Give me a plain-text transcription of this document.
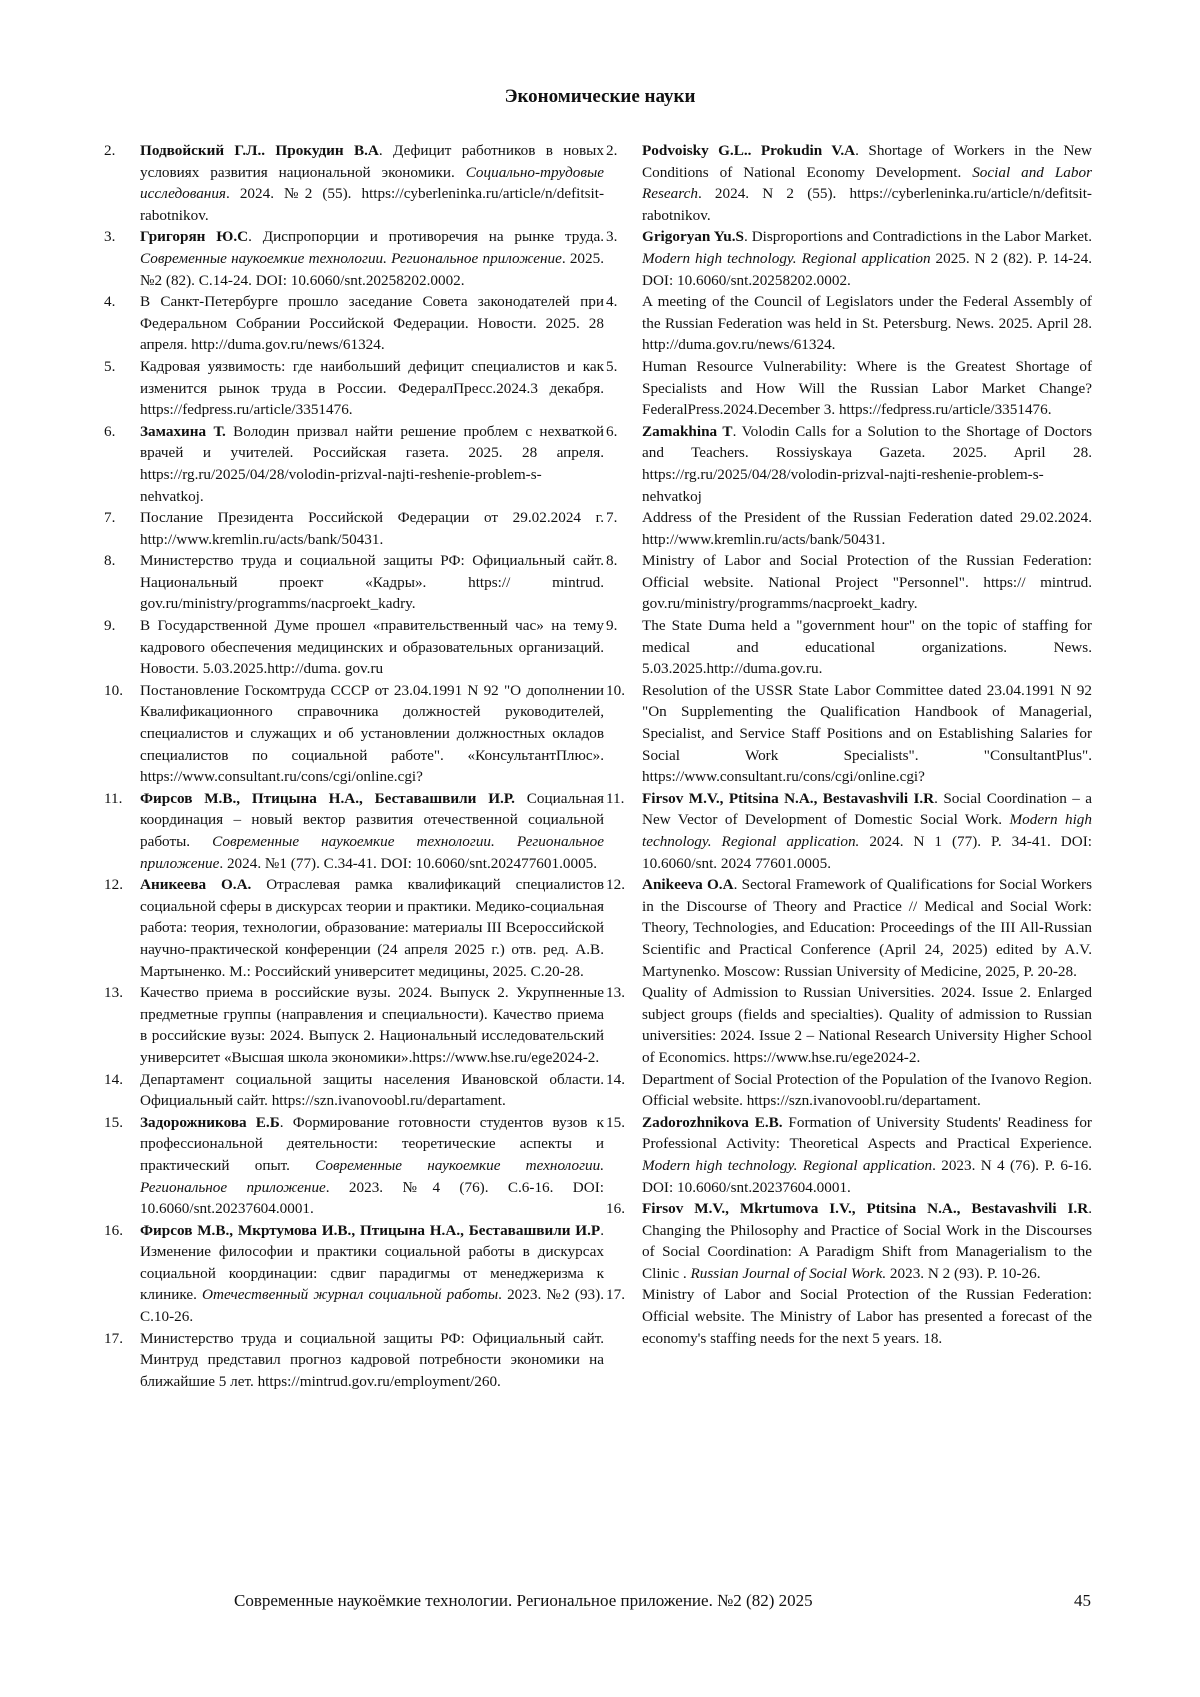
Экономические науки
2.	Подвойский Г.Л.. Прокудин В.А. Дефицит работников в новых условиях развития национальной экономики. Социально-трудовые исследования. 2024. №2 (55). https://cyberleninka.ru/article/n/defitsit-rabotnikov.
3.	Григорян Ю.С. Диспропорции и противоречия на рынке труда. Современные наукоемкие технологии. Региональное приложение. 2025. №2 (82). С.14-24. DOI: 10.6060/snt.20258202.0002.
4.	В Санкт-Петербурге прошло заседание Совета законодателей при Федеральном Собрании Российской Федерации. Новости. 2025. 28 апреля. http://duma.gov.ru/news/61324.
5.	Кадровая уязвимость: где наибольший дефицит специалистов и как изменится рынок труда в России. ФедералПресс.2024.3 декабря. https://fedpress.ru/article/3351476.
6.	Замахина Т. Володин призвал найти решение проблем с нехваткой врачей и учителей. Российская газета. 2025. 28 апреля. https://rg.ru/2025/04/28/volodin-prizval-najti-reshenie-problem-s-nehvatkoj.
7.	Послание Президента Российской Федерации от 29.02.2024 г. http://www.kremlin.ru/acts/bank/50431.
8.	Министерство труда и социальной защиты РФ: Официальный сайт. Национальный проект «Кадры». https:// mintrud. gov.ru/ministry/programms/nacproekt_kadry.
9.	В Государственной Думе прошел «правительственный час» на тему кадрового обеспечения медицинских и образовательных организаций. Новости. 5.03.2025.http://duma. gov.ru
10.	Постановление Госкомтруда СССР от 23.04.1991 N 92 "О дополнении Квалификационного справочника должностей руководителей, специалистов и служащих и об установлении должностных окладов специалистов по социальной работе". «КонсультантПлюс». https://www.consultant.ru/cons/cgi/online.cgi?
11.	Фирсов М.В., Птицына Н.А., Беставашвили И.Р. Социальная координация – новый вектор развития отечественной социальной работы. Современные наукоемкие технологии. Региональное приложение. 2024. №1 (77). С.34-41. DOI: 10.6060/snt.202477601.0005.
12.	Аникеева О.А. Отраслевая рамка квалификаций специалистов социальной сферы в дискурсах теории и практики. Медико-социальная работа: теория, технологии, образование: материалы III Всероссийской научно-практической конференции (24 апреля 2025 г.) отв. ред. А.В. Мартыненко. М.: Российский университет медицины, 2025. С.20-28.
13.	Качество приема в российские вузы. 2024. Выпуск 2. Укрупненные предметные группы (направления и специальности). Качество приема в российские вузы: 2024. Выпуск 2. Национальный исследовательский университет «Высшая школа экономики».https://www.hse.ru/ege2024-2.
14.	Департамент социальной защиты населения Ивановской области. Официальный сайт. https://szn.ivanovoobl.ru/departament.
15.	Задорожникова Е.Б. Формирование готовности студентов вузов к профессиональной деятельности: теоретические аспекты и практический опыт. Современные наукоемкие технологии. Региональное приложение. 2023. №4 (76). С.6-16. DOI: 10.6060/snt.20237604.0001.
16.	Фирсов М.В., Мкртумова И.В., Птицына Н.А., Беставашвили И.Р. Изменение философии и практики социальной работы в дискурсах социальной координации: сдвиг парадигмы от менеджеризма к клинике. Отечественный журнал социальной работы. 2023. №2 (93). С.10-26.
17.	Министерство труда и социальной защиты РФ: Официальный сайт. Минтруд представил прогноз кадровой потребности экономики на ближайшие 5 лет. https://mintrud.gov.ru/employment/260.
2.	Podvoisky G.L.. Prokudin V.A. Shortage of Workers in the New Conditions of National Economy Development. Social and Labor Research. 2024. N 2 (55). https://cyberleninka.ru/article/n/defitsit-rabotnikov.
3.	Grigoryan Yu.S. Disproportions and Contradictions in the Labor Market. Modern high technology. Regional application 2025. N 2 (82). P. 14-24. DOI: 10.6060/snt.20258202.0002.
4.	A meeting of the Council of Legislators under the Federal Assembly of the Russian Federation was held in St. Petersburg. News. 2025. April 28. http://duma.gov.ru/news/61324.
5.	Human Resource Vulnerability: Where is the Greatest Shortage of Specialists and How Will the Russian Labor Market Change? FederalPress.2024.December 3. https://fedpress.ru/article/3351476.
6.	Zamakhina T. Volodin Calls for a Solution to the Shortage of Doctors and Teachers. Rossiyskaya Gazeta. 2025. April 28. https://rg.ru/2025/04/28/volodin-prizval-najti-reshenie-problem-s-nehvatkoj
7.	Address of the President of the Russian Federation dated 29.02.2024. http://www.kremlin.ru/acts/bank/50431.
8.	Ministry of Labor and Social Protection of the Russian Federation: Official website. National Project "Personnel". https:// mintrud. gov.ru/ministry/programms/nacproekt_kadry.
9.	The State Duma held a "government hour" on the topic of staffing for medical and educational organizations. News. 5.03.2025.http://duma.gov.ru.
10.	Resolution of the USSR State Labor Committee dated 23.04.1991 N 92 "On Supplementing the Qualification Handbook of Managerial, Specialist, and Service Staff Positions and on Establishing Salaries for Social Work Specialists". "ConsultantPlus". https://www.consultant.ru/cons/cgi/online.cgi?
11.	Firsov M.V., Ptitsina N.A., Bestavashvili I.R. Social Coordination – a New Vector of Development of Domestic Social Work. Modern high technology. Regional application. 2024. N 1 (77). P. 34-41. DOI: 10.6060/snt. 2024 77601.0005.
12.	Anikeeva O.A. Sectoral Framework of Qualifications for Social Workers in the Discourse of Theory and Practice // Medical and Social Work: Theory, Technologies, and Education: Proceedings of the III All-Russian Scientific and Practical Conference (April 24, 2025) edited by A.V. Martynenko. Moscow: Russian University of Medicine, 2025, P. 20-28.
13.	Quality of Admission to Russian Universities. 2024. Issue 2. Enlarged subject groups (fields and specialties). Quality of admission to Russian universities: 2024. Issue 2 – National Research University Higher School of Economics. https://www.hse.ru/ege2024-2.
14.	Department of Social Protection of the Population of the Ivanovo Region. Official website. https://szn.ivanovoobl.ru/departament.
15.	Zadorozhnikova E.B. Formation of University Students' Readiness for Professional Activity: Theoretical Aspects and Practical Experience. Modern high technology. Regional application. 2023. N 4 (76). P. 6-16. DOI: 10.6060/snt.20237604.0001.
16.	Firsov M.V., Mkrtumova I.V., Ptitsina N.A., Bestavashvili I.R. Changing the Philosophy and Practice of Social Work in the Discourses of Social Coordination: A Paradigm Shift from Managerialism to the Clinic . Russian Journal of Social Work. 2023. N 2 (93). P. 10-26.
17.	Ministry of Labor and Social Protection of the Russian Federation: Official website. The Ministry of Labor has presented a forecast of the economy's staffing needs for the next 5 years. 18.
Современные наукоёмкие технологии. Региональное приложение. №2 (82) 2025	45
